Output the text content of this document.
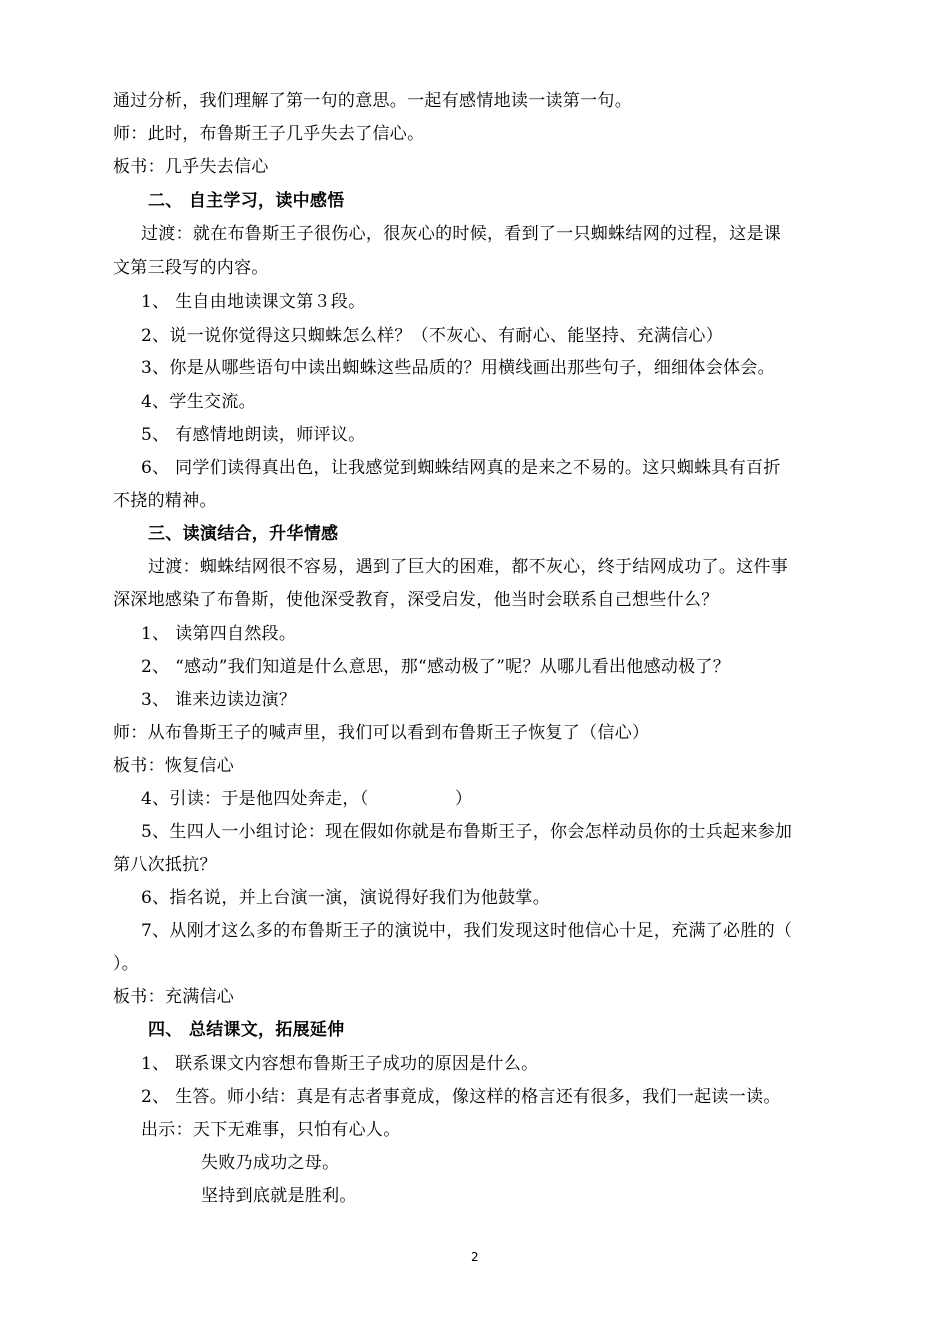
通过分析，我们理解了第一句的意思。一起有感情地读一读第一句。
师：此时，布鲁斯王子几乎失去了信心。
板书：几乎失去信心
二、 自主学习，读中感悟
过渡：就在布鲁斯王子很伤心，很灰心的时候，看到了一只蜘蛛结网的过程，这是课
文第三段写的内容。
1、 生自由地读课文第３段。
2、说一说你觉得这只蜘蛛怎么样？（不灰心、有耐心、能坚持、充满信心）
3、你是从哪些语句中读出蜘蛛这些品质的？用横线画出那些句子，细细体会体会。
4、学生交流。
5、 有感情地朗读，师评议。
6、 同学们读得真出色，让我感觉到蜘蛛结网真的是来之不易的。这只蜘蛛具有百折
不挠的精神。
三、读演结合，升华情感
过渡：蜘蛛结网很不容易，遇到了巨大的困难，都不灰心，终于结网成功了。这件事
深深地感染了布鲁斯，使他深受教育，深受启发，他当时会联系自己想些什么？
1、 读第四自然段。
2、 “感动”我们知道是什么意思，那“感动极了”呢？从哪儿看出他感动极了？
3、 谁来边读边演？
师：从布鲁斯王子的喊声里，我们可以看到布鲁斯王子恢复了（信心）
板书：恢复信心
4、引读：于是他四处奔走，（　　　　　）
5、生四人一小组讨论：现在假如你就是布鲁斯王子，你会怎样动员你的士兵起来参加
第八次抵抗？
6、指名说，并上台演一演，演说得好我们为他鼓掌。
7、从刚才这么多的布鲁斯王子的演说中，我们发现这时他信心十足，充满了必胜的（
）。
板书：充满信心
四、 总结课文，拓展延伸
1、 联系课文内容想布鲁斯王子成功的原因是什么。
2、 生答。师小结：真是有志者事竟成，像这样的格言还有很多，我们一起读一读。
出示：天下无难事，只怕有心人。
失败乃成功之母。
坚持到底就是胜利。
2
